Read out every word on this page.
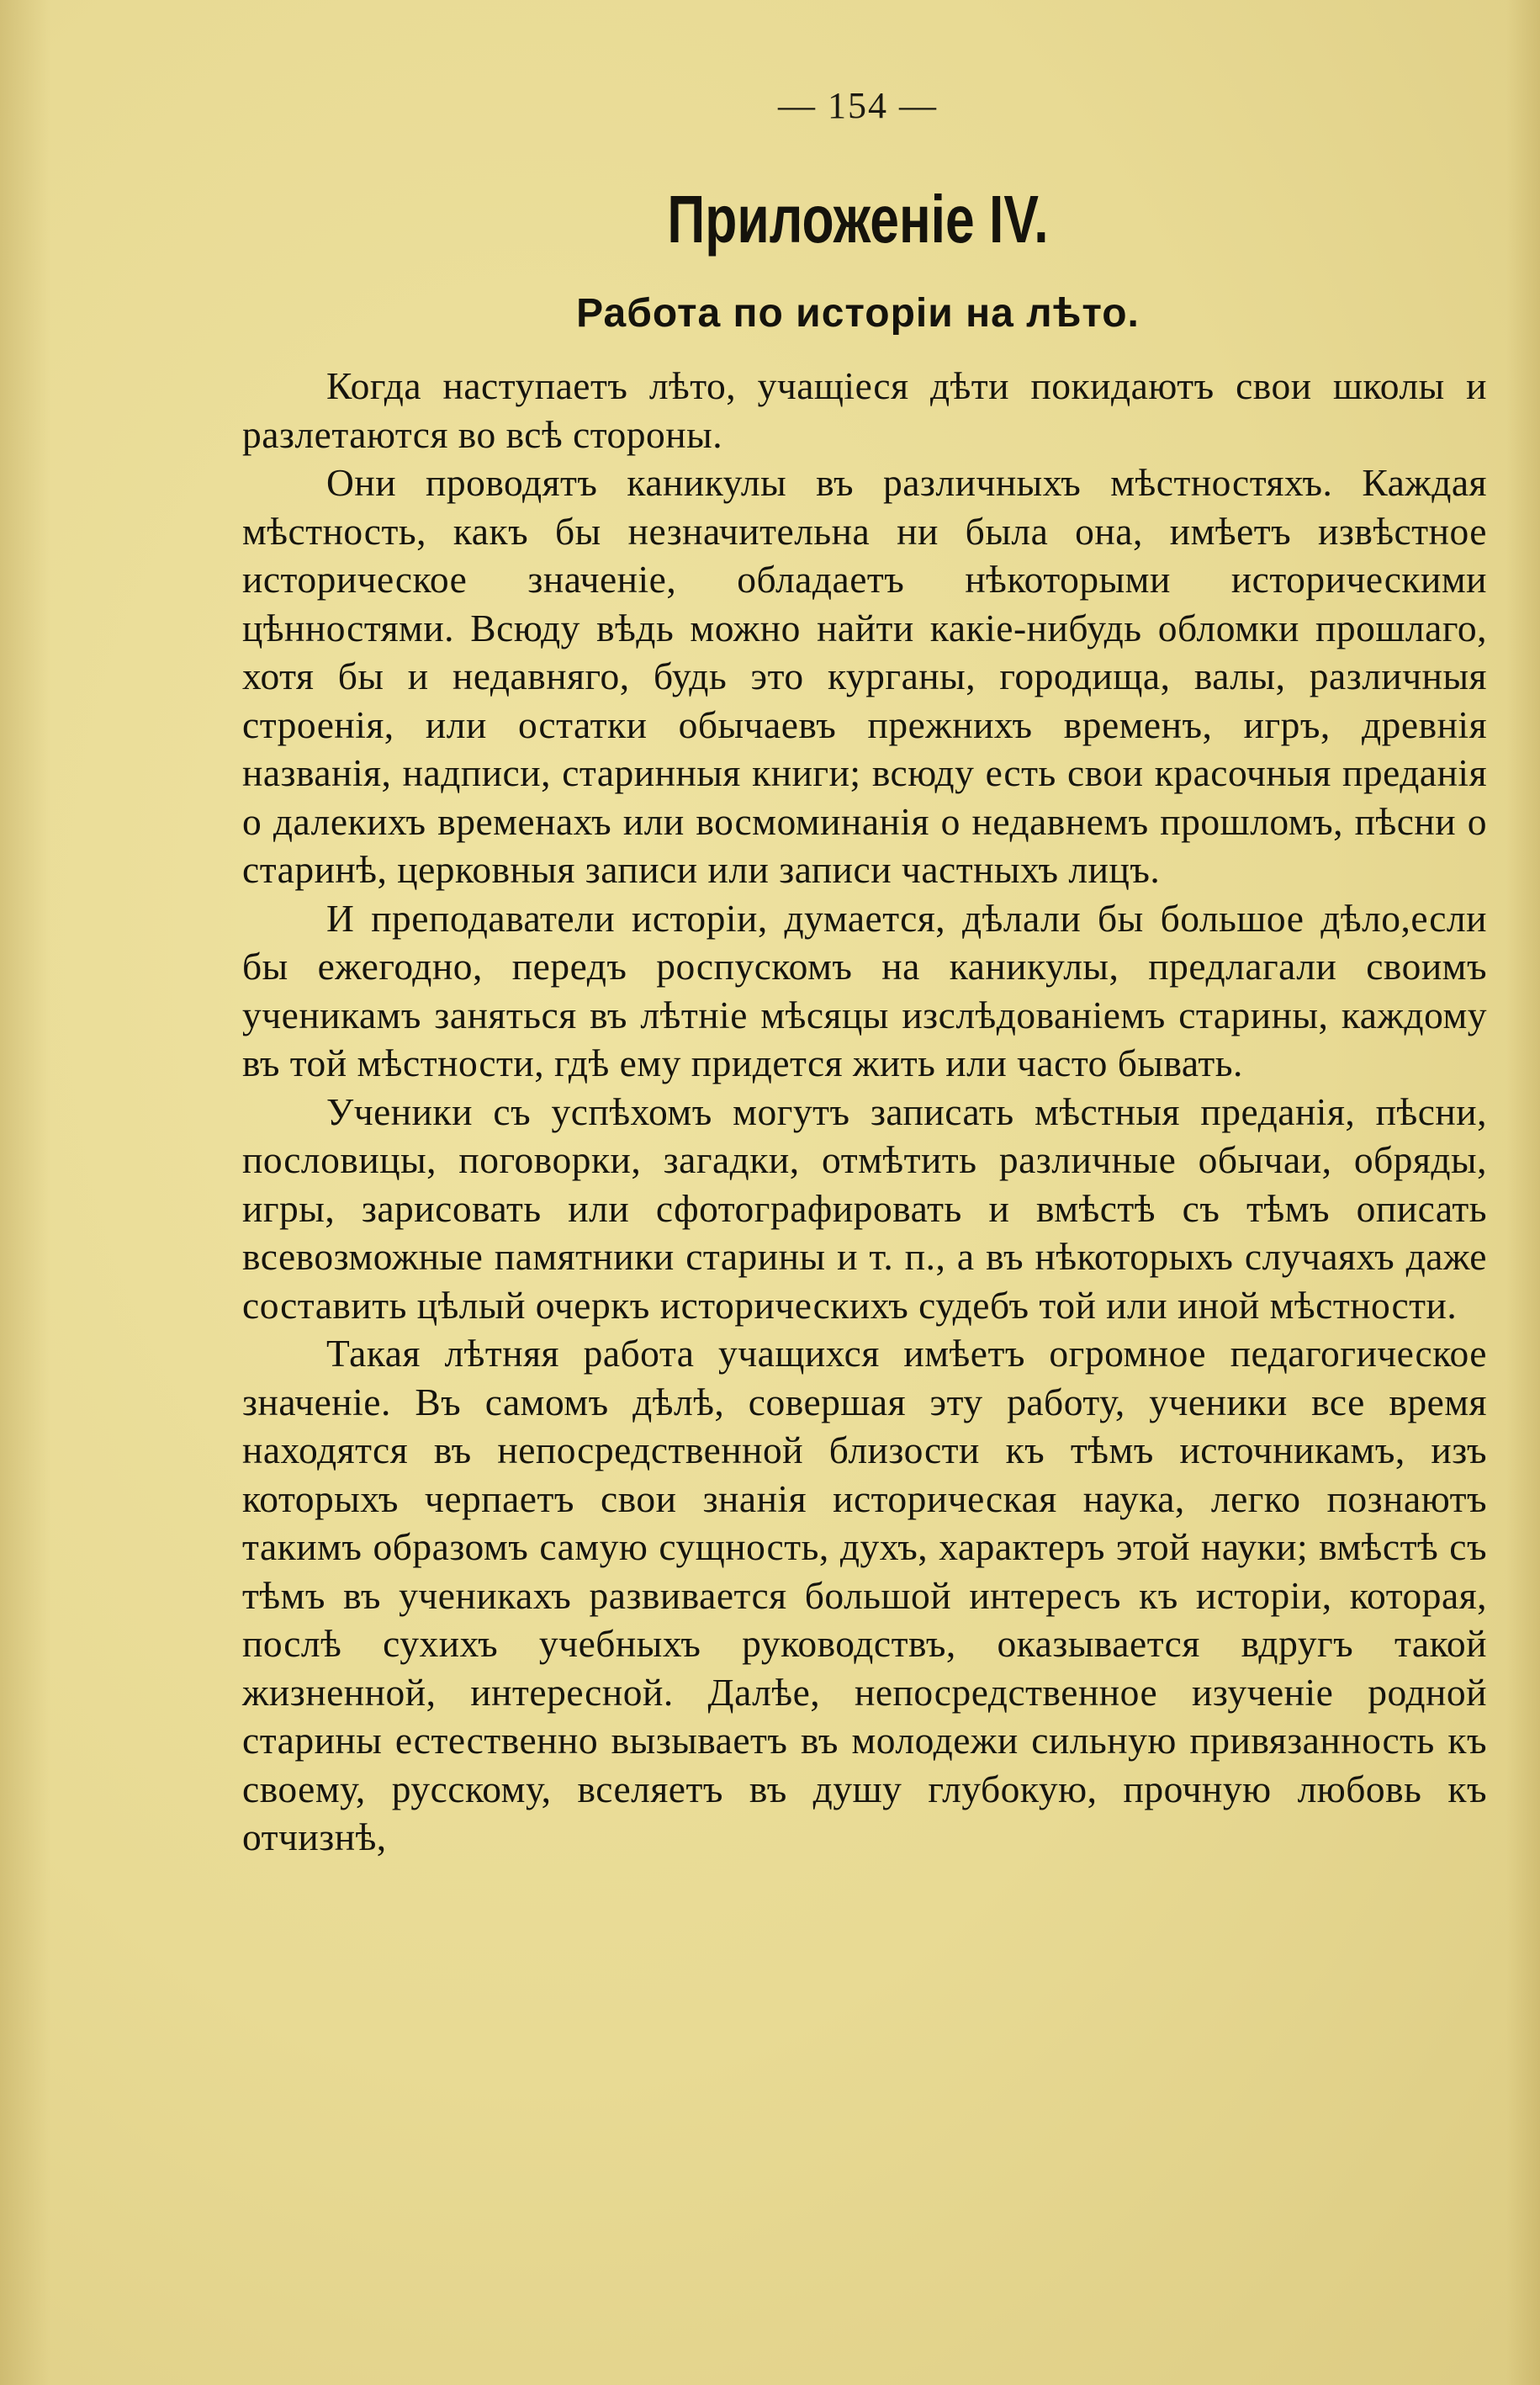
— 154 —
Приложенiе IV.
Работа по исторiи на лѣто.

Когда наступаетъ лѣто, учащiеся дѣти покидаютъ свои школы и разлетаются во всѣ стороны.

Они проводятъ каникулы въ различныхъ мѣстностяхъ. Каждая мѣстность, какъ бы незначительна ни была она, имѣетъ извѣстное историческое значенiе, обладаетъ нѣкоторыми историческими цѣнностями. Всюду вѣдь можно найти какiе-нибудь обломки прошлаго, хотя бы и недавняго, будь это курганы, городища, валы, различныя строенiя, или остатки обычаевъ прежнихъ временъ, игръ, древнiя названiя, надписи, старинныя книги; всюду есть свои красочныя преданiя о далекихъ временахъ или восмоминанiя о недавнемъ прошломъ, пѣсни о старинѣ, церковныя записи или записи частныхъ лицъ.

И преподаватели исторiи, думается, дѣлали бы большое дѣло,если бы ежегодно, передъ роспускомъ на каникулы, предлагали своимъ ученикамъ заняться въ лѣтнiе мѣсяцы изслѣдованiемъ старины, каждому въ той мѣстности, гдѣ ему придется жить или часто бывать.

Ученики съ успѣхомъ могутъ записать мѣстныя преданiя, пѣсни, пословицы, поговорки, загадки, отмѣтить различные обычаи, обряды, игры, зарисовать или сфотографировать и вмѣстѣ съ тѣмъ описать всевозможные памятники старины и т. п., а въ нѣкоторыхъ случаяхъ даже составить цѣлый очеркъ историческихъ судебъ той или иной мѣстности.

Такая лѣтняя работа учащихся имѣетъ огромное педагогическое значенiе. Въ самомъ дѣлѣ, совершая эту работу, ученики все время находятся въ непосредственной близости къ тѣмъ источникамъ, изъ которыхъ черпаетъ свои знанiя историческая наука, легко познаютъ такимъ образомъ самую сущность, духъ, характеръ этой науки; вмѣстѣ съ тѣмъ въ ученикахъ развивается большой интересъ къ исторiи, которая, послѣ сухихъ учебныхъ руководствъ, оказывается вдругъ такой жизненной, интересной. Далѣе, непосредственное изученiе родной старины естественно вызываетъ въ молодежи сильную привязанность къ своему, русскому, вселяетъ въ душу глубокую, прочную любовь къ отчизнѣ,
